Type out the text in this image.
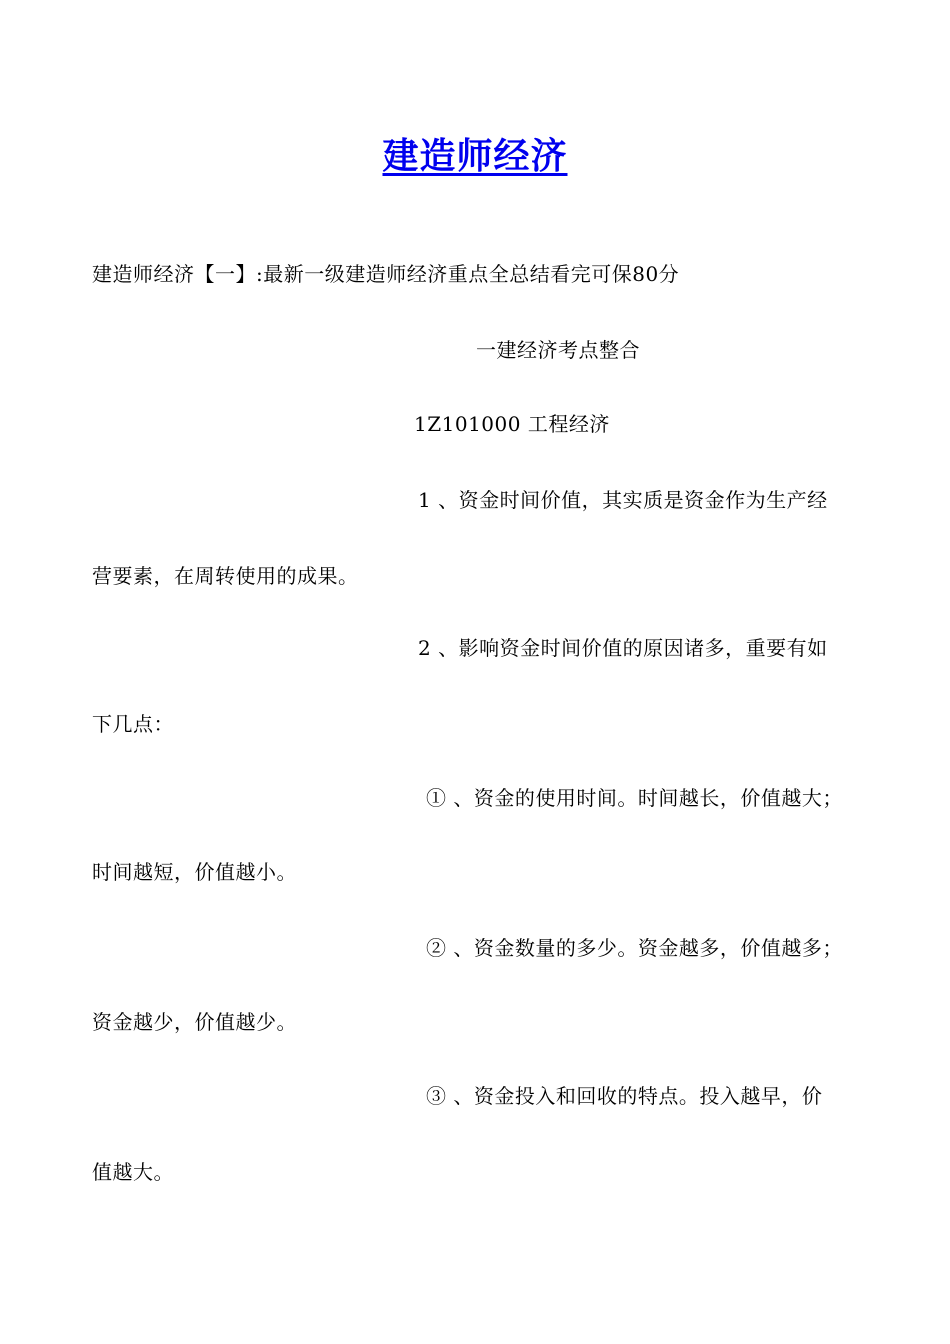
建造师经济
建造师经济【一】:最新一级建造师经济重点全总结看完可保80分
一建经济考点整合
1Z101000 工程经济
1 、资金时间价值，其实质是资金作为生产经
营要素，在周转使用的成果。
2 、影响资金时间价值的原因诸多，重要有如
下几点：
① 、资金的使用时间。时间越长，价值越大；
时间越短，价值越小。
② 、资金数量的多少。资金越多，价值越多；
资金越少，价值越少。
③ 、资金投入和回收的特点。投入越早，价
值越大。
